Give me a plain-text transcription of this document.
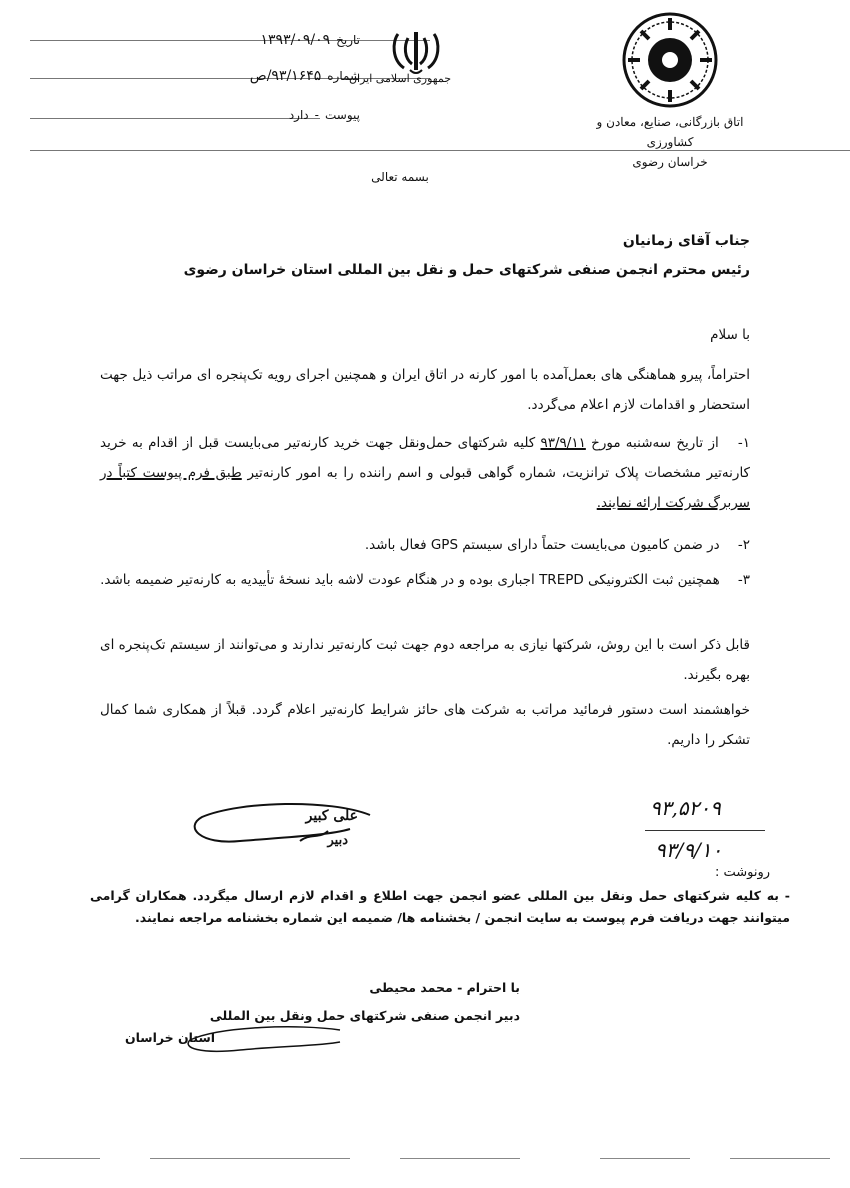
تاریخ
۱۳۹۳/۰۹/۰۹
شماره
۹۳/۱۶۴۵/ص
پیوست
-
دارد
جمهوری اسلامی ایران
اتاق بازرگانی، صنایع، معادن و کشاورزی
خراسان رضوی
بسمه تعالی
جناب آقای زمانیان
رئیس محترم انجمن صنفی شرکتهای حمل و نقل بین المللی استان خراسان رضوی
با سلام
احتراماً، پیرو هماهنگی های بعمل‌آمده با امور کارنه‌ در اتاق ایران و همچنین اجرای رویه تک‌پنجره ای مراتب ذیل جهت استحضار و اقدامات لازم اعلام می‌گردد.
۱- از تاریخ سه‌شنبه مورخ ۹۳/۹/۱۱ کلیه شرکتهای حمل‌ونقل جهت خرید کارنه‌تیر می‌بایست قبل از اقدام به خرید کارنه‌تیر مشخصات پلاک ترانزیت، شماره گواهی قبولی و اسم راننده را به امور کارنه‌تیر طبق فرم پیوست کتباً در سربرگ شرکت ارائه نمایند.
۲- در ضمن کامیون می‌بایست حتماً دارای سیستم GPS فعال باشد.
۳- همچنین ثبت الکترونیکی TREPD اجباری بوده و در هنگام عودت لاشه باید نسخهٔ تأییدیه به کارنه‌تیر ضمیمه باشد.
قابل ذکر است با این روش، شرکتها نیازی به مراجعه دوم جهت ثبت کارنه‌تیر ندارند و می‌توانند از سیستم تک‌پنجره ای بهره بگیرند.
خواهشمند است دستور فرمائید مراتب به شرکت های حائز شرایط کارنه‌تیر اعلام گردد. قبلاً از همکاری شما کمال تشکر را داریم.
علی کبیر
دبیر
۹۳,۵۲۰۹
۹۳/۹/۱۰
رونوشت :
- به کلیه شرکتهای حمل ونقل بین المللی عضو انجمن جهت اطلاع و اقدام لازم ارسال میگردد. همکاران گرامی میتوانند جهت دریافت فرم پیوست به سایت انجمن / بخشنامه ها/ ضمیمه این شماره بخشنامه مراجعه نمایند.
با احترام - محمد محیطی
دبیر انجمن صنفی شرکتهای حمل ونقل بین المللی
استان خراسان
